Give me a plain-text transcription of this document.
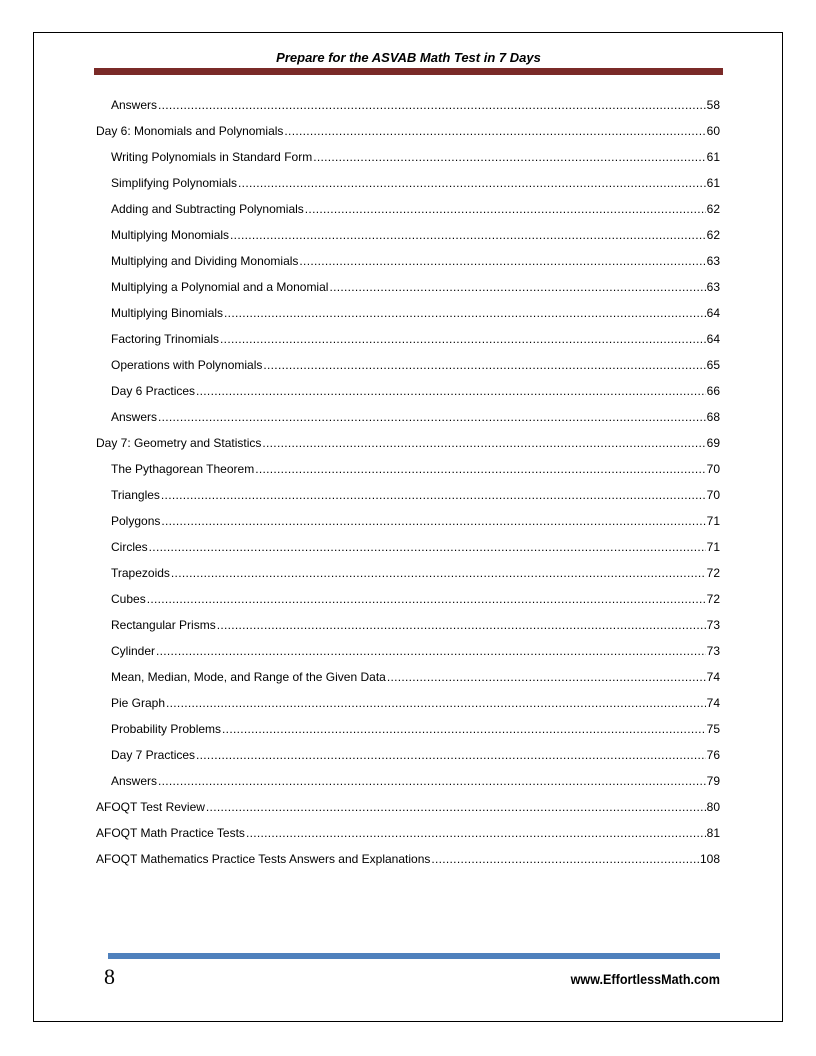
Prepare for the ASVAB Math Test in 7 Days
Answers .....	58
Day 6: Monomials and Polynomials .....	60
Writing Polynomials in Standard Form .....	61
Simplifying Polynomials .....	61
Adding and Subtracting Polynomials .....	62
Multiplying Monomials .....	62
Multiplying and Dividing Monomials .....	63
Multiplying a Polynomial and a Monomial .....	63
Multiplying Binomials .....	64
Factoring Trinomials .....	64
Operations with Polynomials .....	65
Day 6 Practices .....	66
Answers .....	68
Day 7: Geometry and Statistics .....	69
The Pythagorean Theorem .....	70
Triangles .....	70
Polygons .....	71
Circles .....	71
Trapezoids .....	72
Cubes .....	72
Rectangular Prisms .....	73
Cylinder .....	73
Mean, Median, Mode, and Range of the Given Data .....	74
Pie Graph .....	74
Probability Problems .....	75
Day 7 Practices .....	76
Answers .....	79
AFOQT Test Review .....	80
AFOQT Math Practice Tests .....	81
AFOQT Mathematics Practice Tests Answers and Explanations .....	108
8	www.EffortlessMath.com
